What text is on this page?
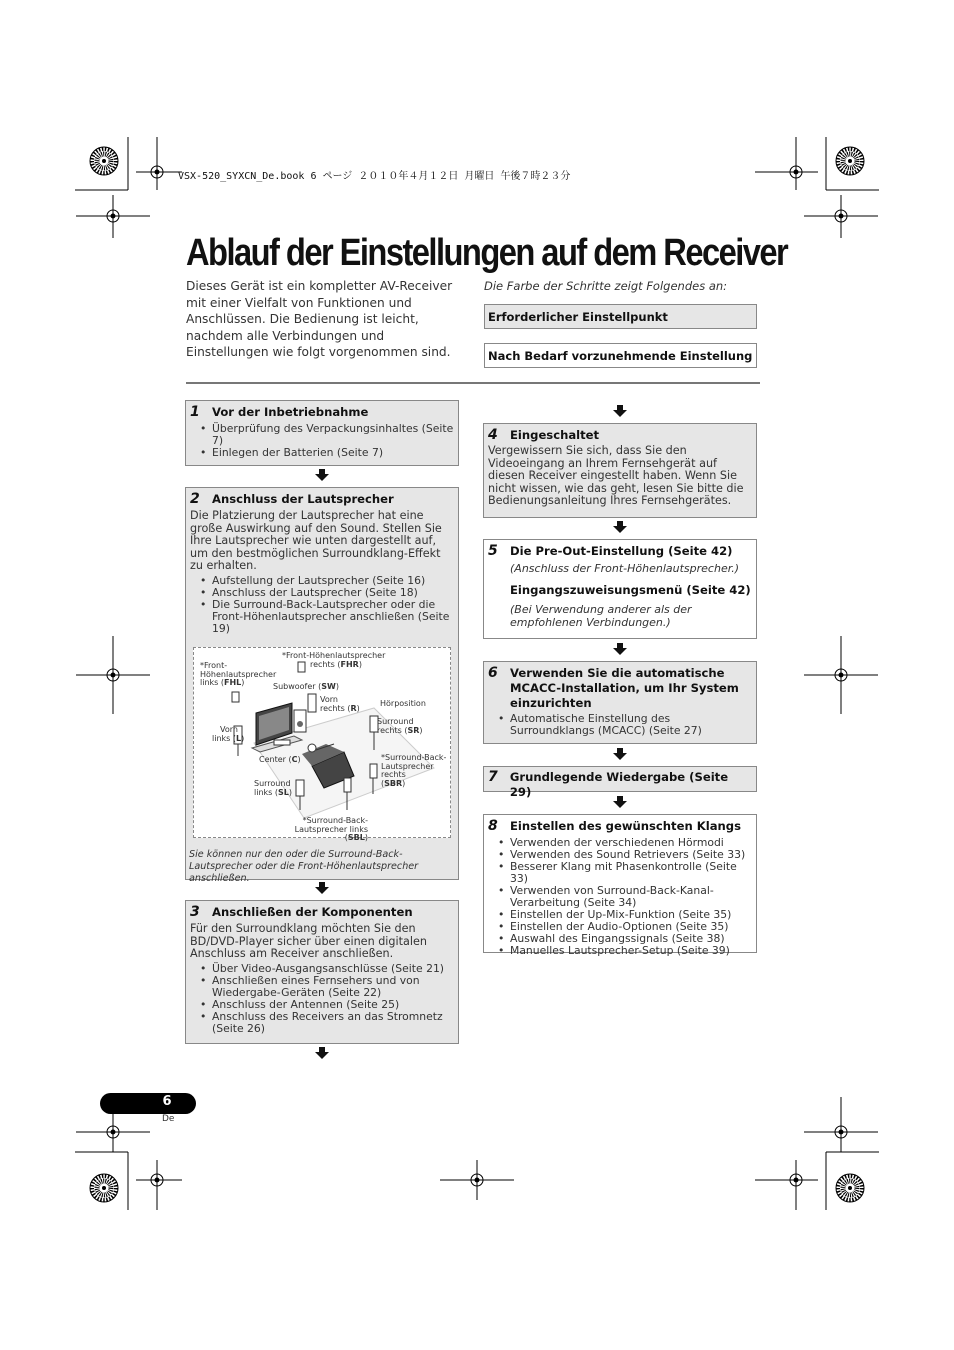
VSX-520_SYXCN_De.book 6 ページ ２０１０年４月１２日 月曜日 午後７時２３分
Ablauf der Einstellungen auf dem Receiver

Dieses Gerät ist ein kompletter AV-Receiver mit einer Vielfalt von Funktionen und Anschlüssen. Die Bedienung ist leicht, nachdem alle Verbindungen und Einstellungen wie folgt vorgenommen sind.

Die Farbe der Schritte zeigt Folgendes an:
Erforderlicher Einstellpunkt
Nach Bedarf vorzunehmende Einstellung
1	Vor der Inbetriebnahme
• Überprüfung des Verpackungsinhaltes (Seite 7)
• Einlegen der Batterien (Seite 7)
2	Anschluss der Lautsprecher

Die Platzierung der Lautsprecher hat eine große Auswirkung auf den Sound. Stellen Sie Ihre Lautsprecher wie unten dargestellt auf, um den bestmöglichen Surroundklang-Effekt zu erhalten.

• Aufstellung der Lautsprecher (Seite 16)
• Anschluss der Lautsprecher (Seite 18)
• Die Surround-Back-Lautsprecher oder die Front-Höhenlautsprecher anschließen (Seite 19)
*Front-Höhenlautsprecher
rechts (FHR)
*Front-
Höhenlautsprecher
links (FHL)	Subwoofer (SW)
Vorn
rechts (R)	Hörposition
Vorn
links (L)
Surround
rechts (SR)
Center (C)	*Surround-Back-
Lautsprecher
rechts
(SBR)
Surround
links (SL)
*Surround-Back-
Lautsprecher links (SBL)

Sie können nur den oder die Surround-Back-Lautsprecher oder die Front-Höhenlautsprecher anschließen.

3	Anschließen der Komponenten

Für den Surroundklang möchten Sie den BD/DVD-Player sicher über einen digitalen Anschluss am Receiver anschließen.

• Über Video-Ausgangsanschlüsse (Seite 21)
• Anschließen eines Fernsehers und von Wiedergabe-Geräten (Seite 22)
• Anschluss der Antennen (Seite 25)
• Anschluss des Receivers an das Stromnetz (Seite 26)
4	Eingeschaltet

Vergewissern Sie sich, dass Sie den Videoeingang an Ihrem Fernsehgerät auf diesen Receiver eingestellt haben. Wenn Sie nicht wissen, wie das geht, lesen Sie bitte die Bedienungsanleitung Ihres Fernsehgerätes.

5	Die Pre-Out-Einstellung (Seite 42)

(Anschluss der Front-Höhenlautsprecher.)

Eingangszuweisungsmenü (Seite 42)

(Bei Verwendung anderer als der empfohlenen Verbindungen.)

6	Verwenden Sie die automatische MCACC-Installation, um Ihr System einzurichten
• Automatische Einstellung des Surroundklangs (MCACC) (Seite 27)
7	Grundlegende Wiedergabe (Seite 29)
8	Einstellen des gewünschten Klangs
• Verwenden der verschiedenen Hörmodi
• Verwenden des Sound Retrievers (Seite 33)
• Besserer Klang mit Phasenkontrolle (Seite 33)
• Verwenden von Surround-Back-Kanal-Verarbeitung (Seite 34)
• Einstellen der Up-Mix-Funktion (Seite 35)
• Einstellen der Audio-Optionen (Seite 35)
• Auswahl des Eingangssignals (Seite 38)
• Manuelles Lautsprecher-Setup (Seite 39)
6
De
